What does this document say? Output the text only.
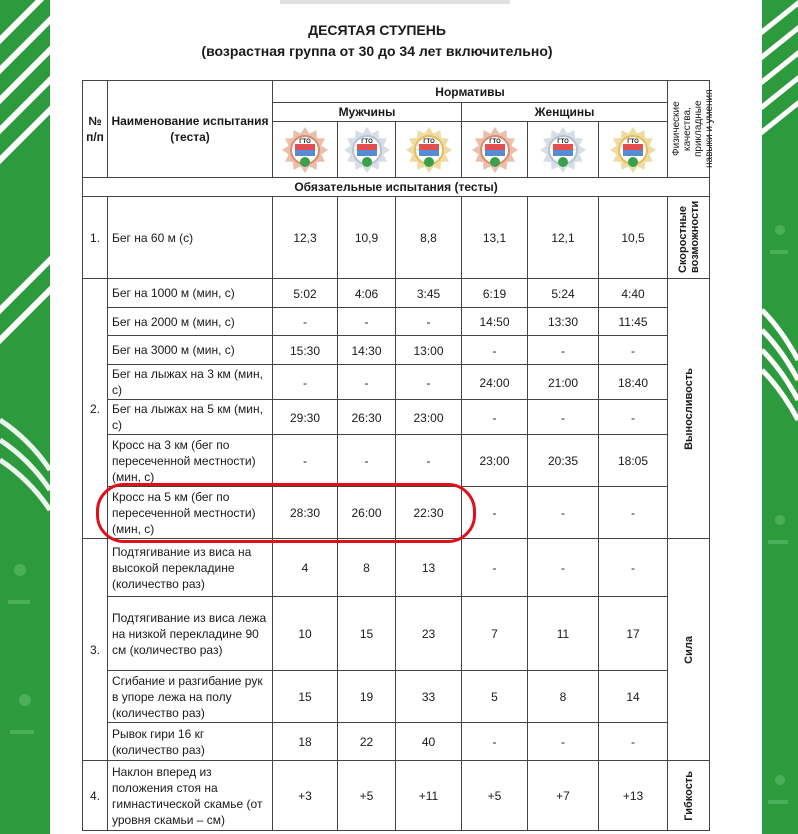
ДЕСЯТАЯ СТУПЕНЬ
(возрастная группа от 30 до 34 лет включительно)
№ п/п	Наименование испытания (теста)	Нормативы						Физические качества, прикладные навыки и умения

		Мужчины			Женщины			

ГТО	ГТО	ГТО	ГТО	ГТО	ГТО	

Обязательные испытания (тесты)								
1.	Бег на 60 м (с)	12,3	10,9	8,8	13,1	12,1	10,5	Скоростные возможности

2.	Бег на 1000 м (мин, с)	5:02	4:06	3:45	6:19	5:24	4:40	Выносливость

	Бег на 2000 м (мин, с)	-	-	-	14:50	13:30	11:45	
	Бег на 3000 м (мин, с)	15:30	14:30	13:00	-	-	-	
	Бег на лыжах на 3 км (мин, с)	-	-	-	24:00	21:00	18:40	
	Бег на лыжах на 5 км (мин, с)	29:30	26:30	23:00	-	-	-	
	Кросс на 3 км (бег по пересеченной местности) (мин, с)	-	-	-	23:00	20:35	18:05	
	Кросс на 5 км (бег по пересеченной местности) (мин, с)	28:30	26:00	22:30	-	-	-	
3.	Подтягивание из виса на высокой перекладине (количество раз)	4	8	13	-	-	-	Сила

	Подтягивание из виса лежа на низкой перекладине 90 см (количество раз)	10	15	23	7	11	17	
	Сгибание и разгибание рук в упоре лежа на полу (количество раз)	15	19	33	5	8	14	
	Рывок гири 16 кг (количество раз)	18	22	40	-	-	-	
4.	Наклон вперед из положения стоя на гимнастической скамье (от уровня скамьи – см)	+3	+5	+11	+5	+7	+13	Гибкость
